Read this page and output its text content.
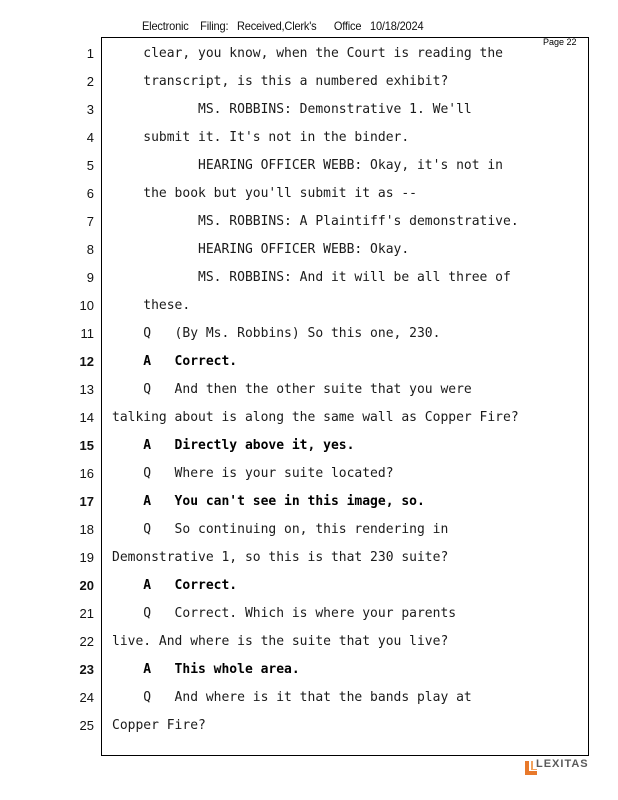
Electronic    Filing:   Received,Clerk's      Office   10/18/2024
Page 22
1
2
3
4
5
6
7
8
9
10
11
12
13
14
15
16
17
18
19
20
21
22
23
24
25
clear, you know, when the Court is reading the
transcript, is this a numbered exhibit?
MS. ROBBINS: Demonstrative 1. We'll
submit it. It's not in the binder.
HEARING OFFICER WEBB: Okay, it's not in
the book but you'll submit it as --
MS. ROBBINS: A Plaintiff's demonstrative.
HEARING OFFICER WEBB: Okay.
MS. ROBBINS: And it will be all three of
these.
Q   (By Ms. Robbins) So this one, 230.
A   Correct.
Q   And then the other suite that you were
talking about is along the same wall as Copper Fire?
A   Directly above it, yes.
Q   Where is your suite located?
A   You can't see in this image, so.
Q   So continuing on, this rendering in
Demonstrative 1, so this is that 230 suite?
A   Correct.
Q   Correct. Which is where your parents
live. And where is the suite that you live?
A   This whole area.
Q   And where is it that the bands play at
Copper Fire?
LEXITAS
